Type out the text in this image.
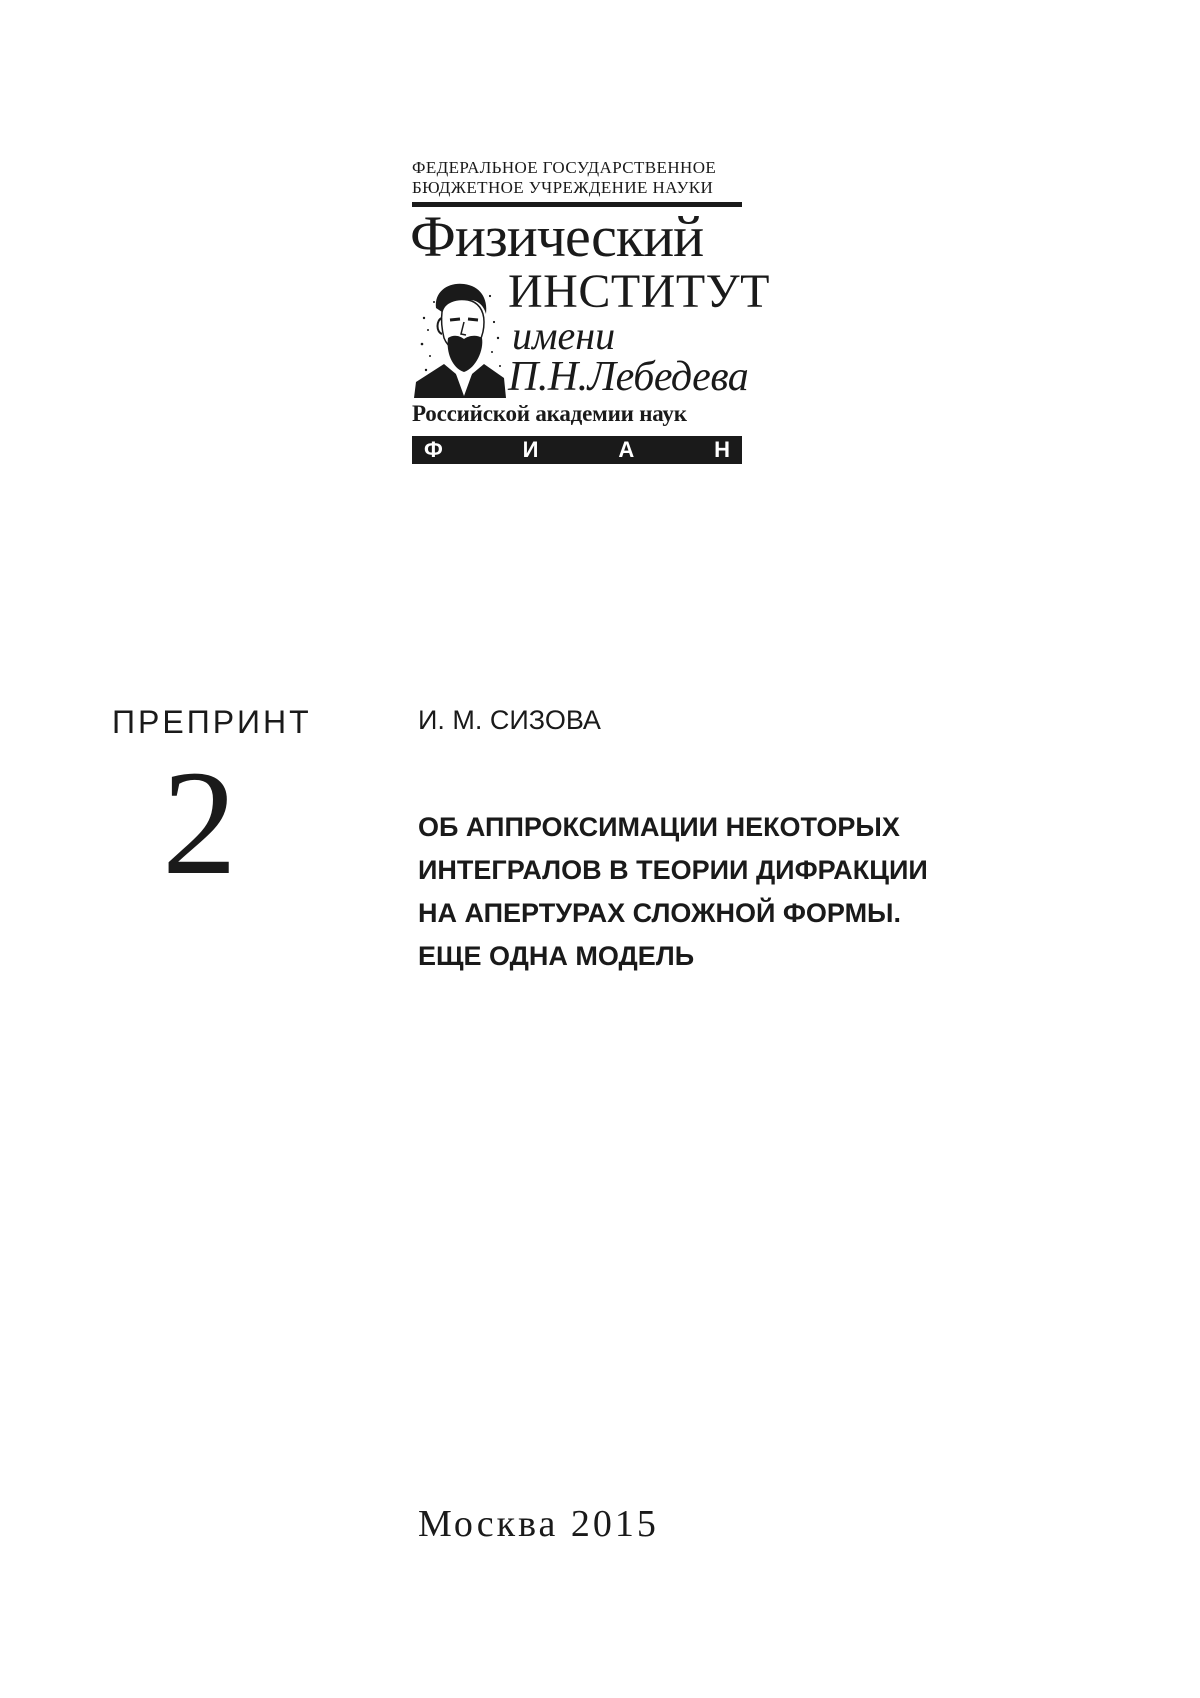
ФЕДЕРАЛЬНОЕ ГОСУДАРСТВЕННОЕ
БЮДЖЕТНОЕ УЧРЕЖДЕНИЕ НАУКИ
Физический
ИНСТИТУТ
имени
П.Н.Лебедева
Российской академии наук
Ф	И	А	Н
ПРЕПРИНТ
2
И. М. СИЗОВА
ОБ АППРОКСИМАЦИИ НЕКОТОРЫХ
ИНТЕГРАЛОВ В ТЕОРИИ ДИФРАКЦИИ
НА АПЕРТУРАХ СЛОЖНОЙ ФОРМЫ.
ЕЩЕ ОДНА МОДЕЛЬ
Москва 2015
